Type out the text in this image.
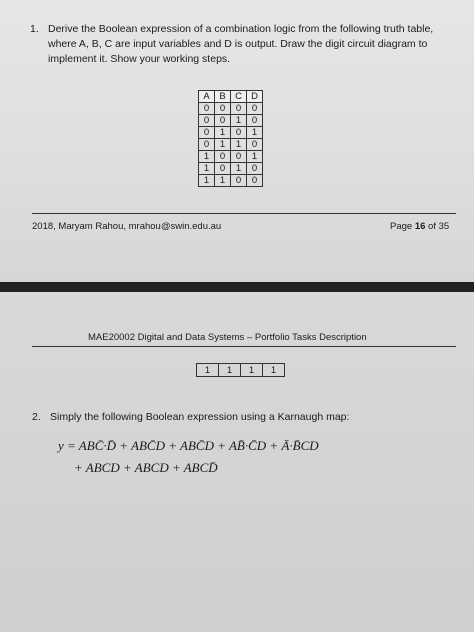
1. Derive the Boolean expression of a combination logic from the following truth table,
where A, B, C are input variables and D is output. Draw the digit circuit diagram to
implement it. Show your working steps.
A	B	C	D
0	0	0	0
0	0	1	0
0	1	0	1
0	1	1	0
1	0	0	1
1	0	1	0
1	1	0	0
2018, Maryam Rahou, mrahou@swin.edu.au	Page 16 of 35
MAE20002 Digital and Data Systems – Portfolio Tasks Description
1	1	1	1
2. Simply the following Boolean expression using a Karnaugh map:
y = ABC̄·D̄ + ABC̄D + ABC̄D + AB̄·C̄D + Ā·B̄CD
+ ABCD + ABCD + ABCD̄
